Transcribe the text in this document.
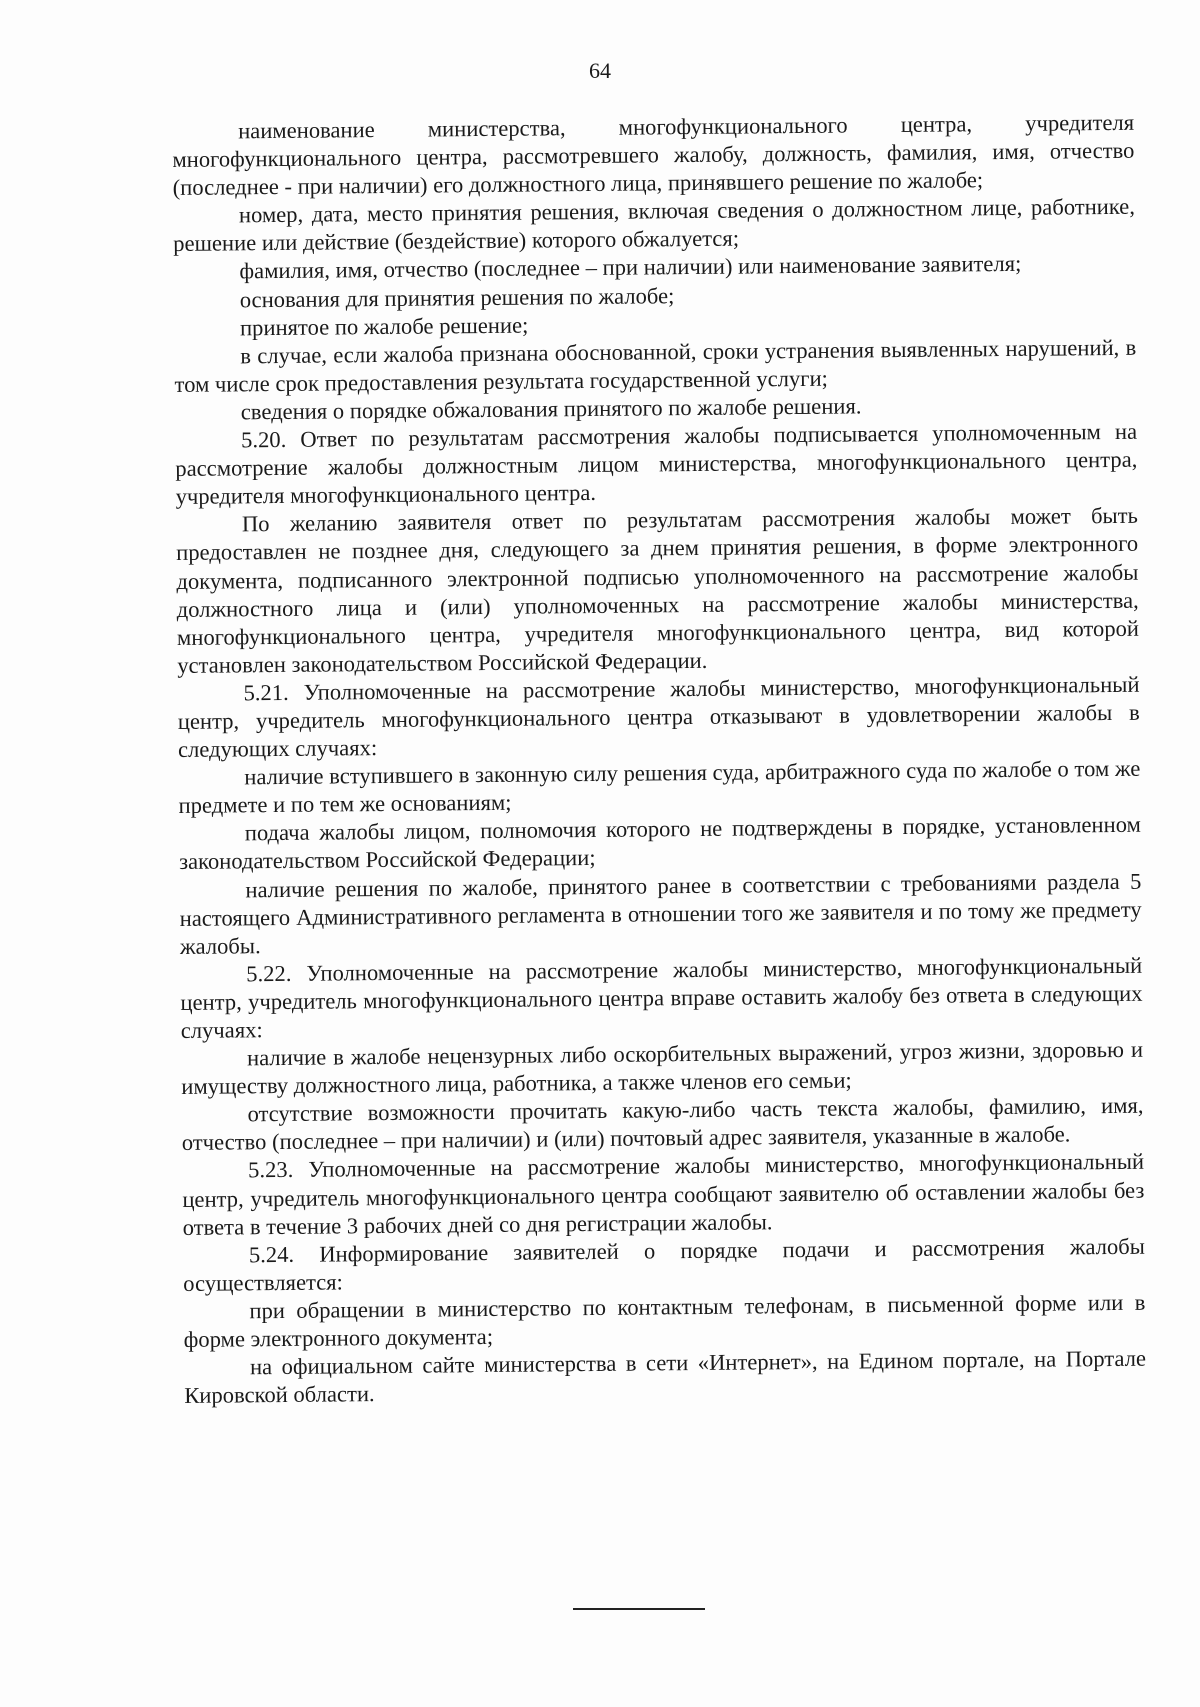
64

наименование министерства, многофункционального центра, учредителя многофункционального центра, рассмотревшего жалобу, должность, фамилия, имя, отчество (последнее - при наличии) его должностного лица, принявшего решение по жалобе;

номер, дата, место принятия решения, включая сведения о должностном лице, работнике, решение или действие (бездействие) которого обжалуется;

фамилия, имя, отчество (последнее – при наличии) или наименование заявителя;

основания для принятия решения по жалобе;

принятое по жалобе решение;

в случае, если жалоба признана обоснованной, сроки устранения выявленных нарушений, в том числе срок предоставления результата государственной услуги;

сведения о порядке обжалования принятого по жалобе решения.

5.20. Ответ по результатам рассмотрения жалобы подписывается уполномоченным на рассмотрение жалобы должностным лицом министерства, многофункционального центра, учредителя многофункционального центра.

По желанию заявителя ответ по результатам рассмотрения жалобы может быть предоставлен не позднее дня, следующего за днем принятия решения, в форме электронного документа, подписанного электронной подписью уполномоченного на рассмотрение жалобы должностного лица и (или) уполномоченных на рассмотрение жалобы министерства, многофункционального центра, учредителя многофункционального центра, вид которой установлен законодательством Российской Федерации.

5.21. Уполномоченные на рассмотрение жалобы министерство, многофункциональный центр, учредитель многофункционального центра отказывают в удовлетворении жалобы в следующих случаях:

наличие вступившего в законную силу решения суда, арбитражного суда по жалобе о том же предмете и по тем же основаниям;

подача жалобы лицом, полномочия которого не подтверждены в порядке, установленном законодательством Российской Федерации;

наличие решения по жалобе, принятого ранее в соответствии с требованиями раздела 5 настоящего Административного регламента в отношении того же заявителя и по тому же предмету жалобы.

5.22. Уполномоченные на рассмотрение жалобы министерство, многофункциональный центр, учредитель многофункционального центра вправе оставить жалобу без ответа в следующих случаях:

наличие в жалобе нецензурных либо оскорбительных выражений, угроз жизни, здоровью и имуществу должностного лица, работника, а также членов его семьи;

отсутствие возможности прочитать какую-либо часть текста жалобы, фамилию, имя, отчество (последнее – при наличии) и (или) почтовый адрес заявителя, указанные в жалобе.

5.23. Уполномоченные на рассмотрение жалобы министерство, многофункциональный центр, учредитель многофункционального центра сообщают заявителю об оставлении жалобы без ответа в течение 3 рабочих дней со дня регистрации жалобы.

5.24. Информирование заявителей о порядке подачи и рассмотрения жалобы осуществляется:

при обращении в министерство по контактным телефонам, в письменной форме или в форме электронного документа;

на официальном сайте министерства в сети «Интернет», на Едином портале, на Портале Кировской области.
